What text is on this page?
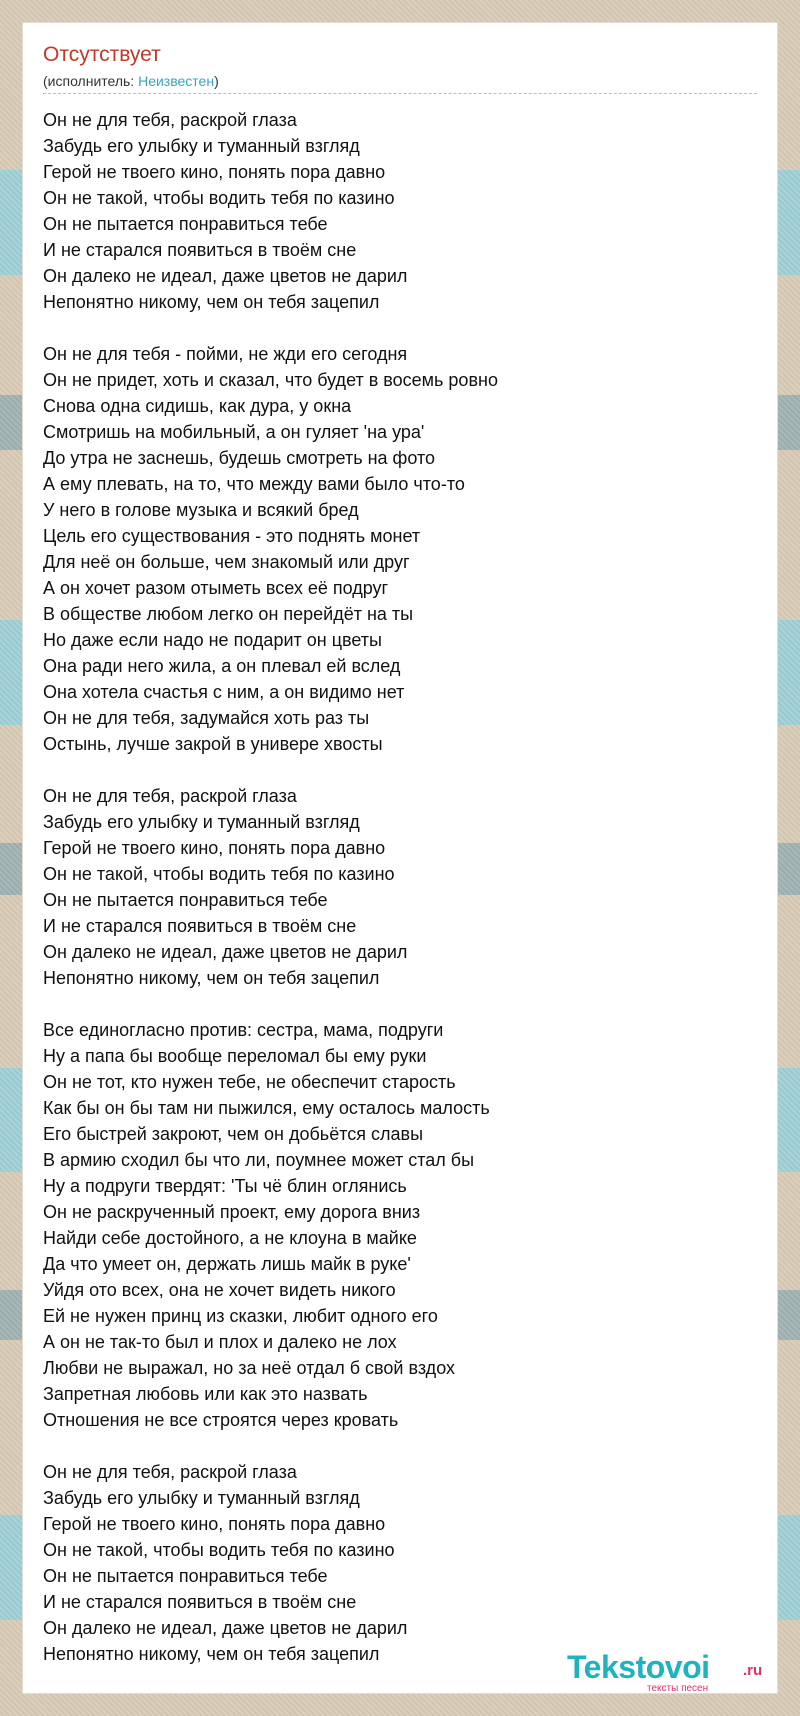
Отсутствует
(исполнитель: Неизвестен)
Он не для тебя, раскрой глаза
Забудь его улыбку и туманный взгляд
Герой не твоего кино, понять пора давно
Он не такой, чтобы водить тебя по казино
Он не пытается понравиться тебе
И не старался появиться в твоём сне
Он далеко не идеал, даже цветов не дарил
Непонятно никому, чем он тебя зацепил
Он не для тебя - пойми, не жди его сегодня
Он не придет, хоть и сказал, что будет в восемь ровно
Снова одна сидишь, как дура, у окна
Смотришь на мобильный, а он гуляет 'на ура'
До утра не заснешь, будешь смотреть на фото
А ему плевать, на то, что между вами было что-то
У него в голове музыка и всякий бред
Цель его существования - это поднять монет
Для неё он больше, чем знакомый или друг
А он хочет разом отыметь всех её подруг
В обществе любом легко он перейдёт на ты
Но даже если надо не подарит он цветы
Она ради него жила, а он плевал ей вслед
Она хотела счастья с ним, а он видимо нет
Он не для тебя, задумайся хоть раз ты
Остынь, лучше закрой в универе хвосты
Он не для тебя, раскрой глаза
Забудь его улыбку и туманный взгляд
Герой не твоего кино, понять пора давно
Он не такой, чтобы водить тебя по казино
Он не пытается понравиться тебе
И не старался появиться в твоём сне
Он далеко не идеал, даже цветов не дарил
Непонятно никому, чем он тебя зацепил
Все единогласно против: сестра, мама, подруги
Ну а папа бы вообще переломал бы ему руки
Он не тот, кто нужен тебе, не обеспечит старость
Как бы он бы там ни пыжился, ему осталось малость
Его быстрей закроют, чем он добьётся славы
В армию сходил бы что ли, поумнее может стал бы
Ну а подруги твердят: 'Ты чё блин оглянись
Он не раскрученный проект, ему дорога вниз
Найди себе достойного, а не клоуна в майке
Да что умеет он, держать лишь майк в руке'
Уйдя ото всех, она не хочет видеть никого
Ей не нужен принц из сказки, любит одного его
А он не так-то был и плох и далеко не лох
Любви не выражал, но за неё отдал б свой вздох
Запретная любовь или как это назвать
Отношения не все строятся через кровать
Он не для тебя, раскрой глаза
Забудь его улыбку и туманный взгляд
Герой не твоего кино, понять пора давно
Он не такой, чтобы водить тебя по казино
Он не пытается понравиться тебе
И не старался появиться в твоём сне
Он далеко не идеал, даже цветов не дарил
Непонятно никому, чем он тебя зацепил	Tekstovoi .ru
тексты песен
